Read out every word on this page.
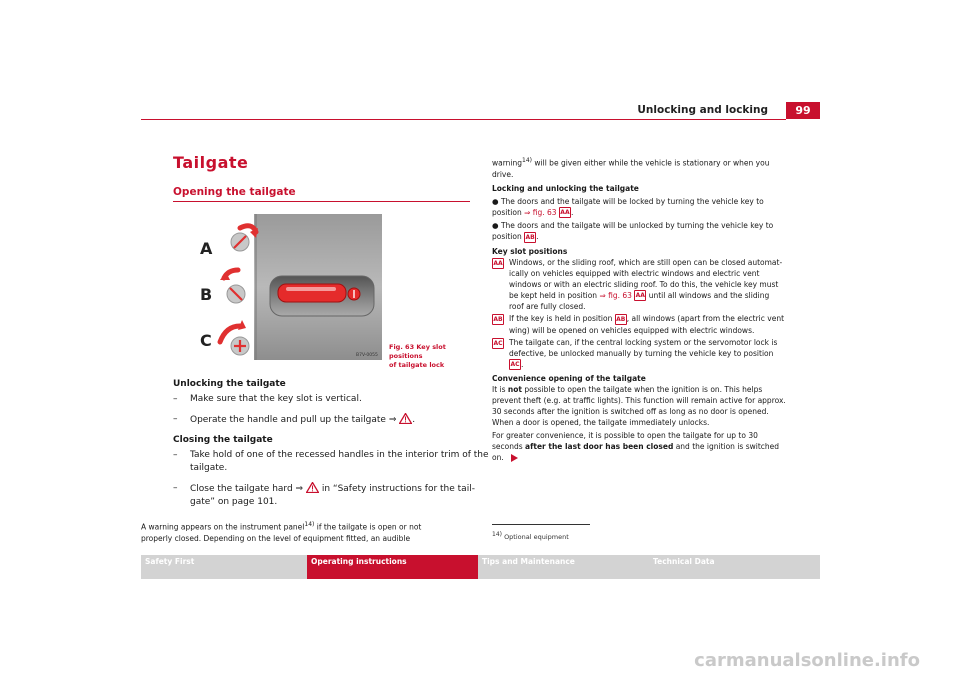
Unlocking and locking	99
Tailgate
Opening the tailgate
A
B
C
B7V-0055
Fig. 63 Key slot positions
of tailgate lock
Unlocking the tailgate
– Make sure that the key slot is vertical.
– Operate the handle and pull up the tailgate ⇒ .
Closing the tailgate
– Take hold of one of the recessed handles in the interior trim of the
tailgate.
– Close the tailgate hard ⇒ in “Safety instructions for the tail-
gate” on page 101.
A warning appears on the instrument panel$^{14)}$ if the tailgate is open or not
properly closed. Depending on the level of equipment fitted, an audible
warning$^{14)}$ will be given either while the vehicle is stationary or when you
drive.
Locking and unlocking the tailgate
● The doors and the tailgate will be locked by turning the vehicle key to
position ⇒ fig. 63 AA.
● The doors and the tailgate will be unlocked by turning the vehicle key to
position AB.
Key slot positions
AA Windows, or the sliding roof, which are still open can be closed automat-
ically on vehicles equipped with electric windows and electric vent
windows or with an electric sliding roof. To do this, the vehicle key must
be kept held in position ⇒ fig. 63 AA until all windows and the sliding
roof are fully closed.
AB If the key is held in position AB, all windows (apart from the electric vent
wing) will be opened on vehicles equipped with electric windows.
AC The tailgate can, if the central locking system or the servomotor lock is
defective, be unlocked manually by turning the vehicle key to position
AC.
Convenience opening of the tailgate
It is not possible to open the tailgate when the ignition is on. This helps
prevent theft (e.g. at traffic lights). This function will remain active for approx.
30 seconds after the ignition is switched off as long as no door is opened.
When a door is opened, the tailgate immediately unlocks.
For greater convenience, it is possible to open the tailgate for up to 30
seconds after the last door has been closed and the ignition is switched on.
$^{14)}$ Optional equipment
Safety First	Operating instructions	Tips and Maintenance	Technical Data
carmanualsonline.info
